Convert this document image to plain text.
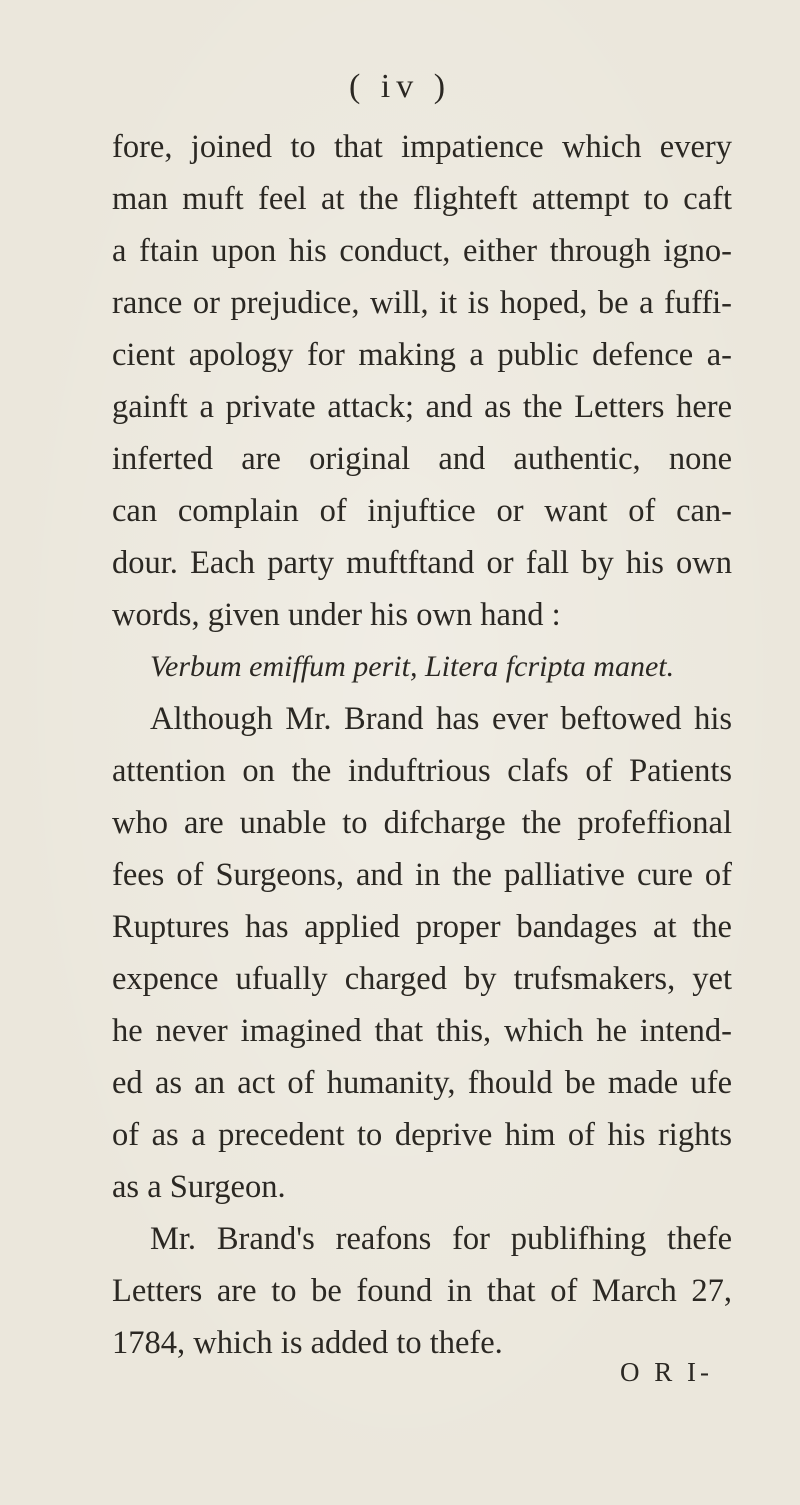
( iv )
fore, joined to that impatience which every
man muft feel at the flighteft attempt to caft
a ftain upon his conduct, either through igno-
rance or prejudice, will, it is hoped, be a fuffi-
cient apology for making a public defence a-
gainft a private attack; and as the Letters here
inferted are original and authentic, none
can complain of injuftice or want of can-
dour. Each party muftftand or fall by his own
words, given under his own hand :
Verbum emiffum perit, Litera fcripta manet.
Although Mr. Brand has ever beftowed his
attention on the induftrious clafs of Patients
who are unable to difcharge the profeffional
fees of Surgeons, and in the palliative cure of
Ruptures has applied proper bandages at the
expence ufually charged by trufsmakers, yet
he never imagined that this, which he intend-
ed as an act of humanity, fhould be made ufe
of as a precedent to deprive him of his rights
as a Surgeon.
Mr. Brand's reafons for publifhing thefe
Letters are to be found in that of March 27,
1784, which is added to thefe.
O R I-
